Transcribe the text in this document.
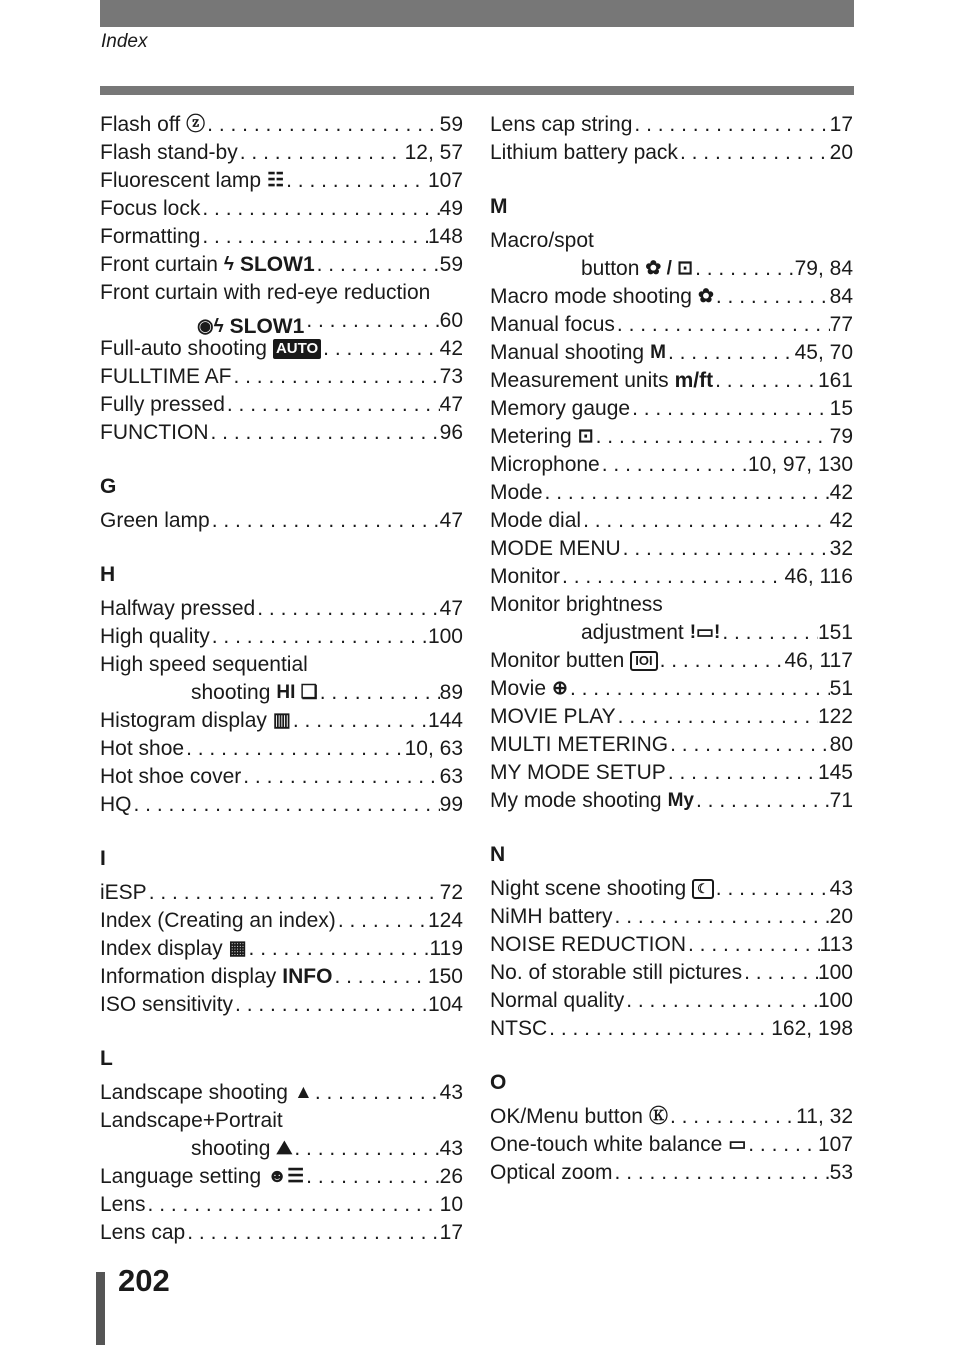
Index
Flash off ⓩ . . .	59
Flash stand-by . . .	12, 57
Fluorescent lamp ☷ . . .	107
Focus lock . . .	49
Formatting . . .	148
Front curtain ϟ SLOW1 . . .	59
Front curtain with red-eye reduction
◉ϟ SLOW1 . . .	60
Full-auto shooting AUTO . . .	42
FULLTIME AF . . .	73
Fully pressed . . .	47
FUNCTION . . .	96
G
Green lamp . . .	47
H
Halfway pressed . . .	47
High quality . . .	100
High speed sequential
shooting HI ❏ . . .	89
Histogram display ▥ . . .	144
Hot shoe . . .	10, 63
Hot shoe cover . . .	63
HQ . . .	99
I
iESP . . .	72
Index (Creating an index) . . .	124
Index display ▦ . . .	119
Information display INFO . . .	150
ISO sensitivity . . .	104
L
Landscape shooting ▲ . . .	43
Landscape+Portrait
shooting ⛰ . . .	43
Language setting ☻☰ . . .	26
Lens . . .	10
Lens cap . . .	17
Lens cap string . . .	17
Lithium battery pack . . .	20
M
Macro/spot
button ✿ / ⊡ . . .	79, 84
Macro mode shooting ✿ . . .	84
Manual focus . . .	77
Manual shooting M . . .	45, 70
Measurement units m/ft . . .	161
Memory gauge . . .	15
Metering ⊡ . . .	79
Microphone . . .	10, 97, 130
Mode . . .	42
Mode dial . . .	42
MODE MENU . . .	32
Monitor . . .	46, 116
Monitor brightness
adjustment !▭! . . .	151
Monitor butten IOI . . .	46, 117
Movie ⊕ . . .	51
MOVIE PLAY . . .	122
MULTI METERING . . .	80
MY MODE SETUP . . .	145
My mode shooting My . . .	71
N
Night scene shooting ☾ . . .	43
NiMH battery . . .	20
NOISE REDUCTION . . .	113
No. of storable still pictures . . .	100
Normal quality . . .	100
NTSC . . .	162, 198
O
OK/Menu button Ⓚ . . .	11, 32
One-touch white balance ▭ . . .	107
Optical zoom . . .	53
202
